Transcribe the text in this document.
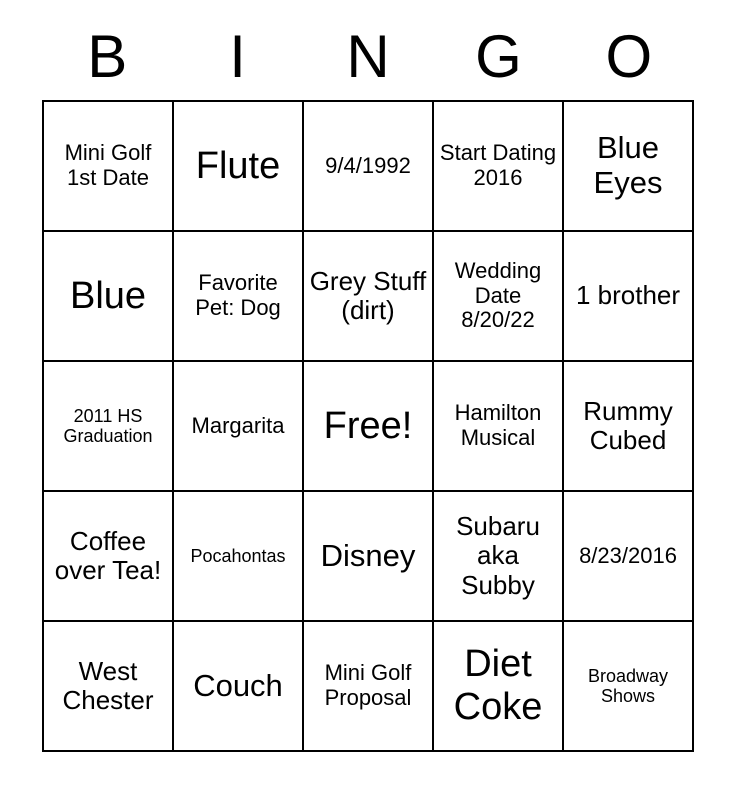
B	I	N	G	O
Mini Golf 1st Date	Flute	9/4/1992	Start Dating 2016	Blue Eyes

Blue	Favorite Pet: Dog	Grey Stuff (dirt)	Wedding Date 8/20/22	1 brother

2011 HS Graduation	Margarita	Free!	Hamilton Musical	Rummy Cubed

Coffee over Tea!	Pocahontas	Disney	Subaru aka Subby	8/23/2016

West Chester	Couch	Mini Golf Proposal	Diet Coke	Broadway Shows
